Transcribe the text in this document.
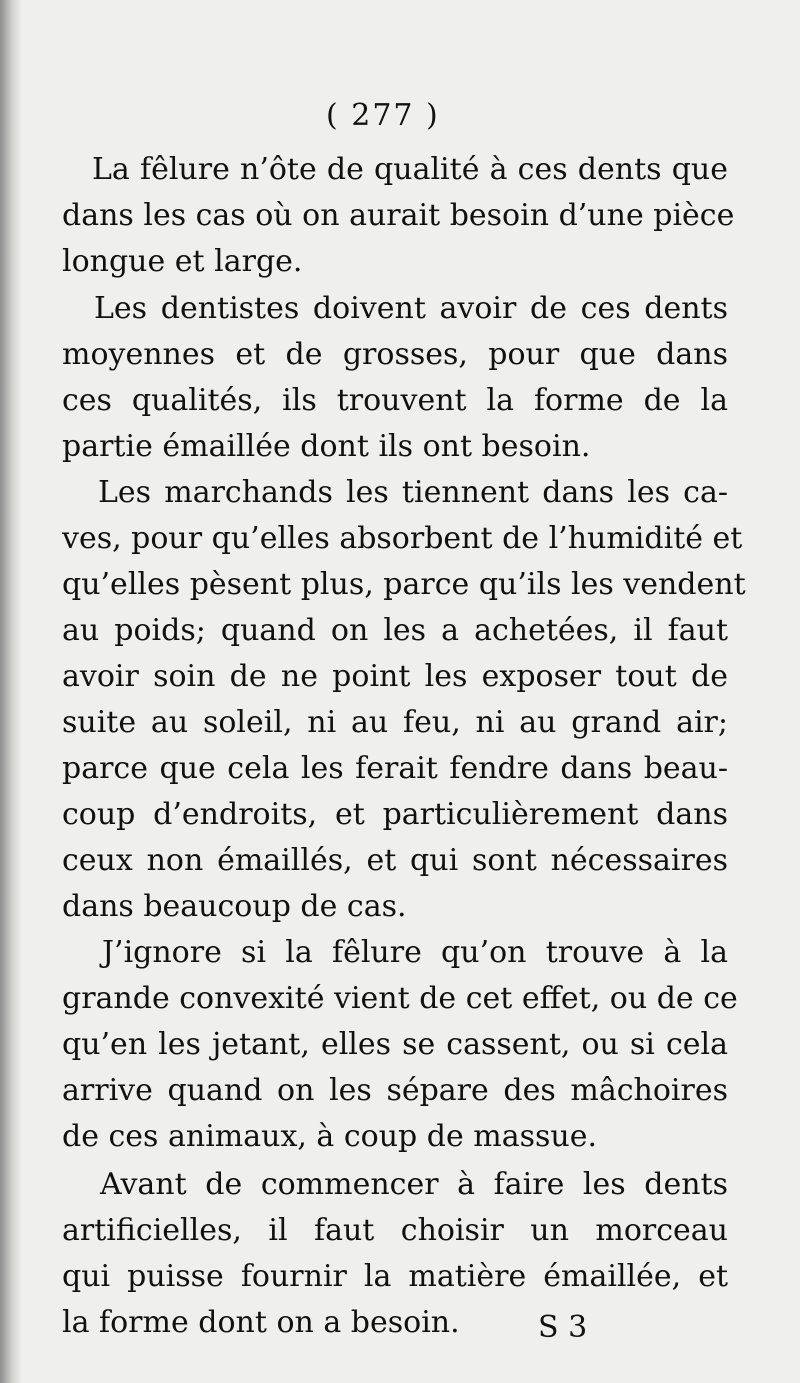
( 277 )
La fêlure n’ôte de qualité à ces dents que
dans les cas où on aurait besoin d’une pièce
longue et large.
Les dentistes doivent avoir de ces dents
moyennes et de grosses, pour que dans
ces qualités, ils trouvent la forme de la
partie émaillée dont ils ont besoin.
Les marchands les tiennent dans les ca-
ves, pour qu’elles absorbent de l’humidité et
qu’elles pèsent plus, parce qu’ils les vendent
au poids; quand on les a achetées, il faut
avoir soin de ne point les exposer tout de
suite au soleil, ni au feu, ni au grand air;
parce que cela les ferait fendre dans beau-
coup d’endroits, et particulièrement dans
ceux non émaillés, et qui sont nécessaires
dans beaucoup de cas.
J’ignore si la fêlure qu’on trouve à la
grande convexité vient de cet effet, ou de ce
qu’en les jetant, elles se cassent, ou si cela
arrive quand on les sépare des mâchoires
de ces animaux, à coup de massue.
Avant de commencer à faire les dents
artificielles, il faut choisir un morceau
qui puisse fournir la matière émaillée, et
la forme dont on a besoin.	S 3
